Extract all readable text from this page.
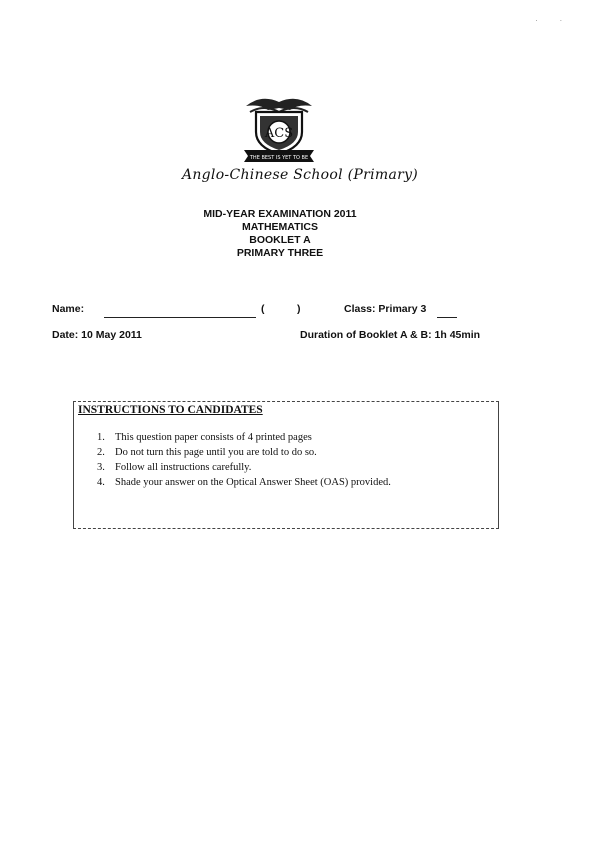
. .
ACS
THE BEST IS YET TO BE
Anglo-Chinese School (Primary)
MID-YEAR EXAMINATION 2011
MATHEMATICS
BOOKLET A
PRIMARY THREE
Name:	(	)	Class: Primary 3
Date: 10 May 2011	Duration of Booklet A & B: 1h 45min
INSTRUCTIONS TO CANDIDATES
1. This question paper consists of 4 printed pages
2. Do not turn this page until you are told to do so.
3. Follow all instructions carefully.
4. Shade your answer on the Optical Answer Sheet (OAS) provided.
